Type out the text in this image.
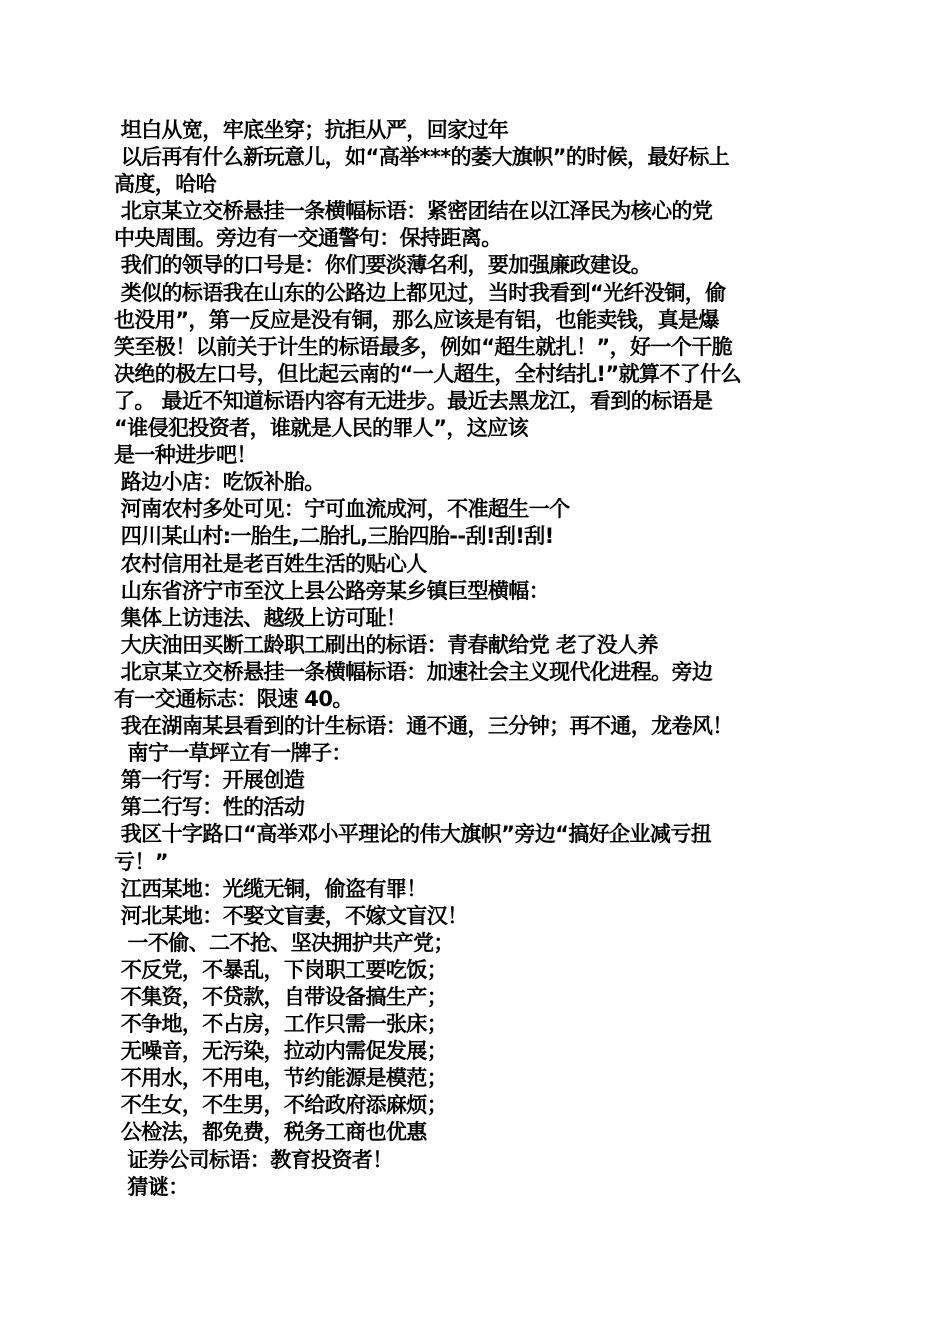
坦白从宽，牢底坐穿；抗拒从严，回家过年
以后再有什么新玩意儿，如“高举***的萎大旗帜”的时候，最好标上
高度，哈哈
北京某立交桥悬挂一条横幅标语：紧密团结在以江泽民为核心的党
中央周围。旁边有一交通警句：保持距离。
我们的领导的口号是：你们要淡薄名利，要加强廉政建设。
类似的标语我在山东的公路边上都见过，当时我看到“光纤没铜，偷
也没用”，第一反应是没有铜，那么应该是有铝，也能卖钱，真是爆
笑至极！以前关于计生的标语最多，例如“超生就扎！”，好一个干脆
决绝的极左口号，但比起云南的“一人超生，全村结扎!”就算不了什么
了。 最近不知道标语内容有无进步。最近去黑龙江，看到的标语是
“谁侵犯投资者，谁就是人民的罪人”，这应该
是一种进步吧！
路边小店：吃饭补胎。
河南农村多处可见：宁可血流成河，不准超生一个
四川某山村:一胎生,二胎扎,三胎四胎--刮!刮!刮!
农村信用社是老百姓生活的贴心人
山东省济宁市至汶上县公路旁某乡镇巨型横幅：
集体上访违法、越级上访可耻！
大庆油田买断工龄职工刷出的标语：青春献给党 老了没人养
北京某立交桥悬挂一条横幅标语：加速社会主义现代化进程。旁边
有一交通标志：限速 40。
我在湖南某县看到的计生标语：通不通，三分钟；再不通，龙卷风！
南宁一草坪立有一牌子：
第一行写：开展创造
第二行写：性的活动
我区十字路口“高举邓小平理论的伟大旗帜”旁边“搞好企业减亏扭
亏！”
江西某地：光缆无铜，偷盗有罪！
河北某地：不娶文盲妻，不嫁文盲汉！
一不偷、二不抢、坚决拥护共产党；
不反党，不暴乱，下岗职工要吃饭；
不集资，不贷款，自带设备搞生产；
不争地，不占房，工作只需一张床；
无噪音，无污染，拉动内需促发展；
不用水，不用电，节约能源是模范；
不生女，不生男，不给政府添麻烦；
公检法，都免费，税务工商也优惠
证券公司标语：教育投资者！
猜谜：
